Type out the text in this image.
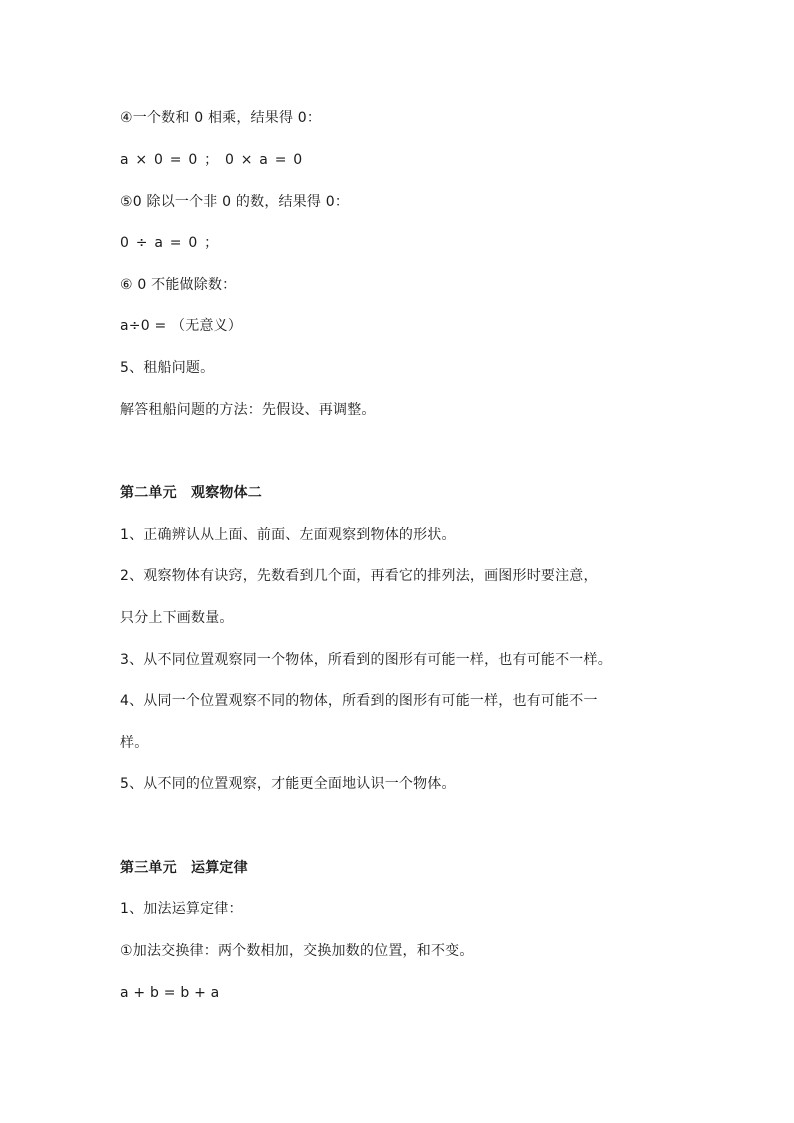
④一个数和 0 相乘，结果得 0：
a × 0 = 0 ； 0 × a = 0
⑤0 除以一个非 0 的数，结果得 0：
0 ÷ a = 0 ；
⑥ 0 不能做除数：
a÷0 = （无意义）
5、租船问题。
解答租船问题的方法：先假设、再调整。
第二单元　观察物体二
1、正确辨认从上面、前面、左面观察到物体的形状。
2、观察物体有诀窍，先数看到几个面，再看它的排列法，画图形时要注意，
只分上下画数量。
3、从不同位置观察同一个物体，所看到的图形有可能一样，也有可能不一样。
4、从同一个位置观察不同的物体，所看到的图形有可能一样，也有可能不一
样。
5、从不同的位置观察，才能更全面地认识一个物体。
第三单元　运算定律
1、加法运算定律：
①加法交换律：两个数相加，交换加数的位置，和不变。
a + b = b + a
